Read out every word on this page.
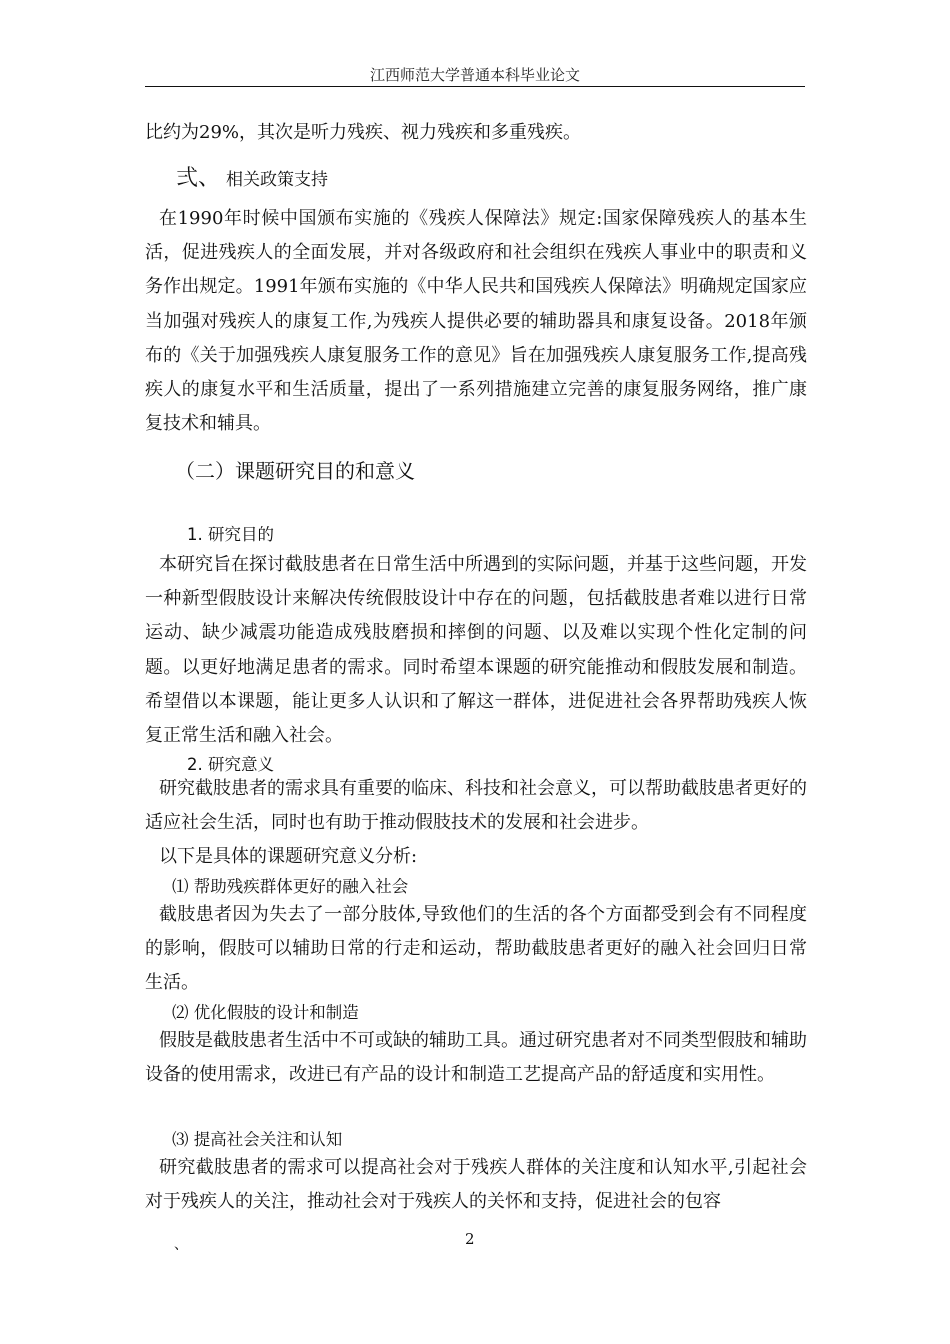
江西师范大学普通本科毕业论文

比约为29%，其次是听力残疾、视力残疾和多重残疾。

弍、 相关政策支持

在1990年时候中国颁布实施的《残疾人保障法》规定:国家保障残疾人的基本生活，促进残疾人的全面发展，并对各级政府和社会组织在残疾人事业中的职责和义务作出规定。1991年颁布实施的《中华人民共和国残疾人保障法》明确规定国家应当加强对残疾人的康复工作,为残疾人提供必要的辅助器具和康复设备。2018年颁布的《关于加强残疾人康复服务工作的意见》旨在加强残疾人康复服务工作,提高残疾人的康复水平和生活质量，提出了一系列措施建立完善的康复服务网络，推广康复技术和辅具。

（二）课题研究目的和意义
1. 研究目的

本研究旨在探讨截肢患者在日常生活中所遇到的实际问题，并基于这些问题，开发一种新型假肢设计来解决传统假肢设计中存在的问题，包括截肢患者难以进行日常运动、缺少减震功能造成残肢磨损和摔倒的问题、以及难以实现个性化定制的问题。以更好地满足患者的需求。同时希望本课题的研究能推动和假肢发展和制造。希望借以本课题，能让更多人认识和了解这一群体，进促进社会各界帮助残疾人恢复正常生活和融入社会。

2. 研究意义

研究截肢患者的需求具有重要的临床、科技和社会意义，可以帮助截肢患者更好的适应社会生活，同时也有助于推动假肢技术的发展和社会进步。

以下是具体的课题研究意义分析:

⑴ 帮助残疾群体更好的融入社会

截肢患者因为失去了一部分肢体,导致他们的生活的各个方面都受到会有不同程度的影响，假肢可以辅助日常的行走和运动，帮助截肢患者更好的融入社会回归日常生活。

⑵ 优化假肢的设计和制造

假肢是截肢患者生活中不可或缺的辅助工具。通过研究患者对不同类型假肢和辅助设备的使用需求，改进已有产品的设计和制造工艺提高产品的舒适度和实用性。

⑶ 提高社会关注和认知

研究截肢患者的需求可以提高社会对于残疾人群体的关注度和认知水平,引起社会对于残疾人的关注，推动社会对于残疾人的关怀和支持，促进社会的包容

、	2
